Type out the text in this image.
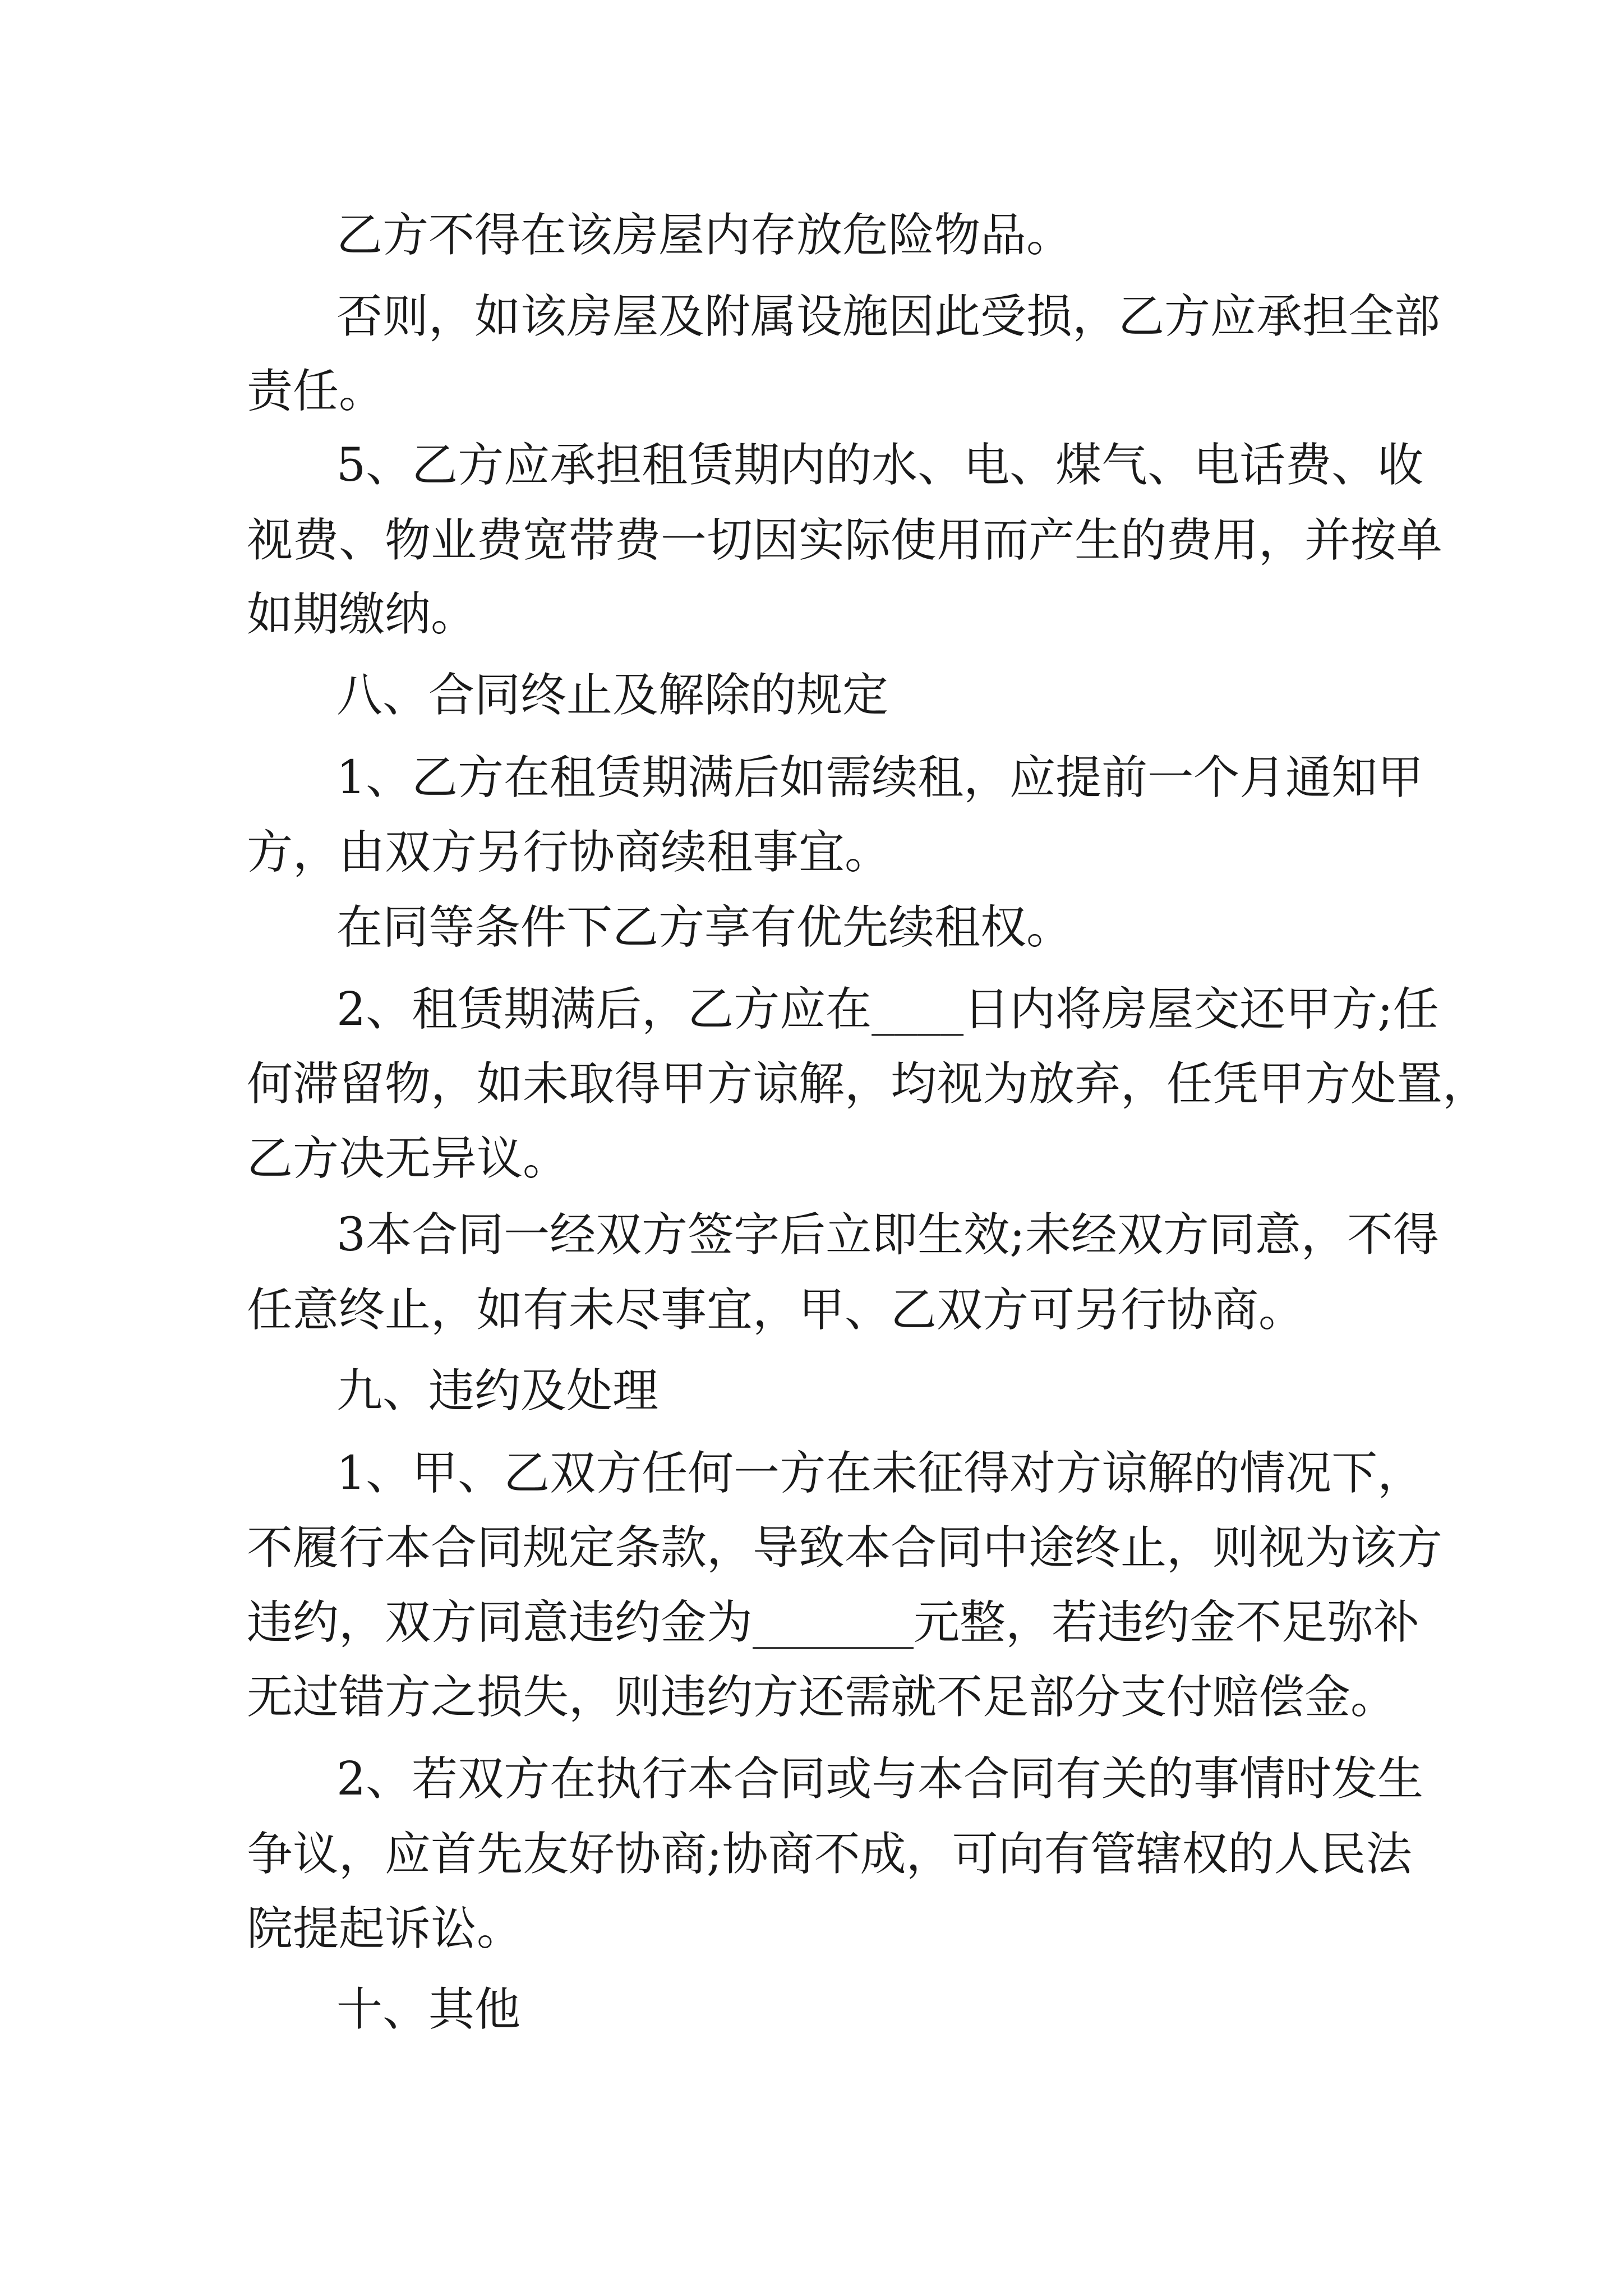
乙方不得在该房屋内存放危险物品。
否则，如该房屋及附属设施因此受损，乙方应承担全部
责任。
5、乙方应承担租赁期内的水、电、煤气、电话费、收
视费、物业费宽带费一切因实际使用而产生的费用，并按单
如期缴纳。
八、合同终止及解除的规定
1、乙方在租赁期满后如需续租，应提前一个月通知甲
方，由双方另行协商续租事宜。
在同等条件下乙方享有优先续租权。
2、租赁期满后，乙方应在____日内将房屋交还甲方;任
何滞留物，如未取得甲方谅解，均视为放弃，任凭甲方处置，
乙方决无异议。
3本合同一经双方签字后立即生效;未经双方同意，不得
任意终止，如有未尽事宜，甲、乙双方可另行协商。
九、违约及处理
1、甲、乙双方任何一方在未征得对方谅解的情况下，
不履行本合同规定条款，导致本合同中途终止，则视为该方
违约，双方同意违约金为_______元整，若违约金不足弥补
无过错方之损失，则违约方还需就不足部分支付赔偿金。
2、若双方在执行本合同或与本合同有关的事情时发生
争议，应首先友好协商;协商不成，可向有管辖权的人民法
院提起诉讼。
十、其他
